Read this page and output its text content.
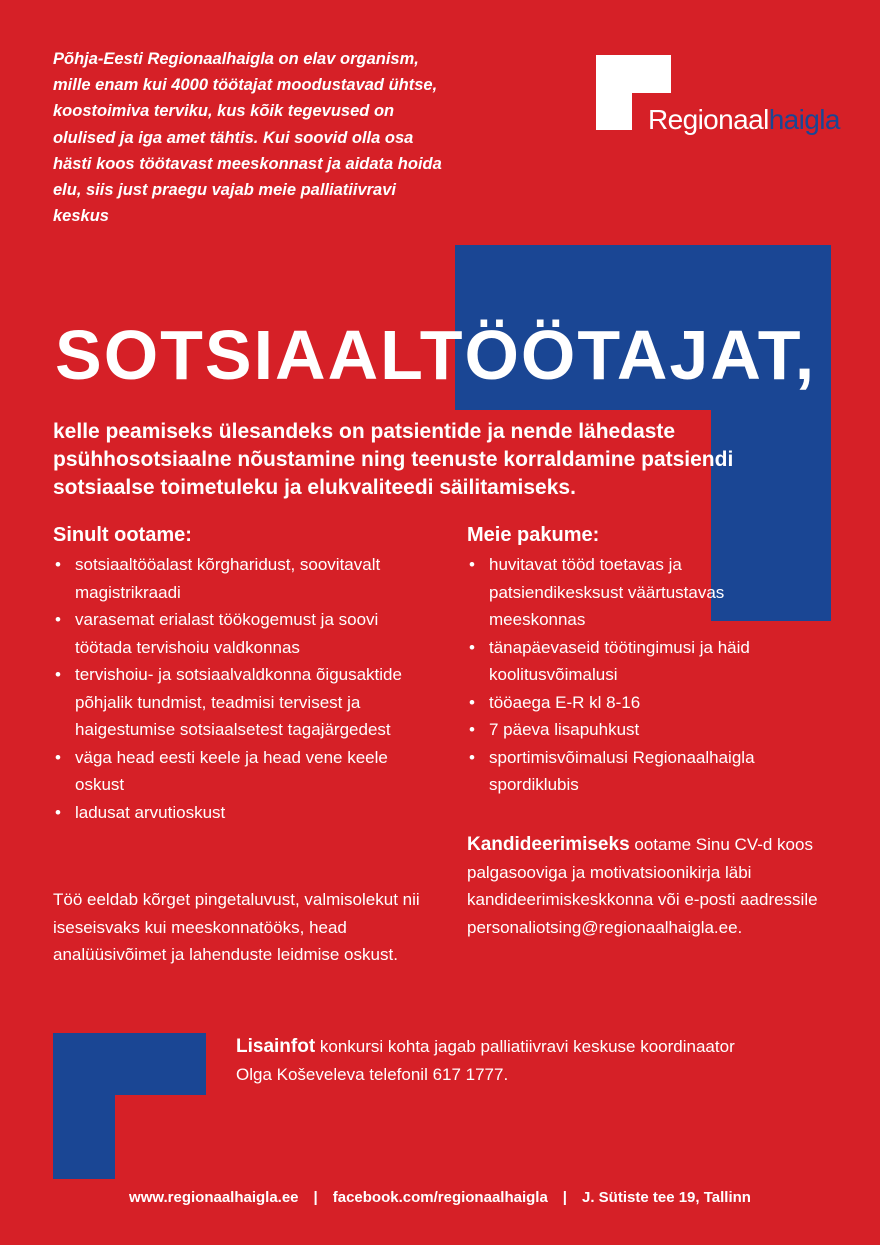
Põhja-Eesti Regionaalhaigla on elav organism, mille enam kui 4000 töötajat moodustavad ühtse, koostoimiva terviku, kus kõik tegevused on olulised ja iga amet tähtis. Kui soovid olla osa hästi koos töötavast meeskonnast ja aidata hoida elu, siis just praegu vajab meie palliatiivravi keskus

Regionaalhaigla
SOTSIAALTÖÖTAJAT,

kelle peamiseks ülesandeks on patsientide ja nende lähedaste psühhosotsiaalne nõustamine ning teenuste korraldamine patsiendi sotsiaalse toimetuleku ja elukvaliteedi säilitamiseks.

Sinult ootame:
• sotsiaaltööalast kõrgharidust, soovitavalt magistrikraadi
• varasemat erialast töökogemust ja soovi töötada tervishoiu valdkonnas
• tervishoiu- ja sotsiaalvaldkonna õigusaktide põhjalik tundmist, teadmisi tervisest ja haigestumise sotsiaalsetest tagajärgedest
• väga head eesti keele ja head vene keele oskust
• ladusat arvutioskust

Töö eeldab kõrget pingetaluvust, valmisolekut nii iseseisvaks kui meeskonnatööks, head analüüsivõimet ja lahenduste leidmise oskust.

Meie pakume:
• huvitavat tööd toetavas ja patsiendikesksust väärtustavas meeskonnas
• tänapäevaseid töötingimusi ja häid koolitusvõimalusi
• tööaega E-R kl 8-16
• 7 päeva lisapuhkust
• sportimisvõimalusi Regionaalhaigla spordiklubis

Kandideerimiseks ootame Sinu CV-d koos palgasooviga ja motivatsioonikirja läbi kandideerimiskeskkonna või e-posti aadressile personaliotsing@regionaalhaigla.ee.

Lisainfot konkursi kohta jagab palliatiivravi keskuse koordinaator Olga Koševeleva telefonil 617 1777.

www.regionaalhaigla.ee | facebook.com/regionaalhaigla | J. Sütiste tee 19, Tallinn
